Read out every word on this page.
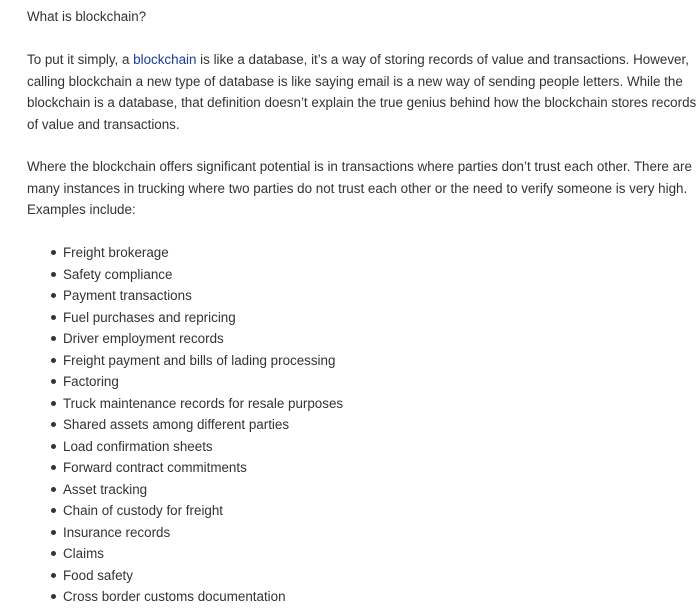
What is blockchain?

To put it simply, a blockchain is like a database, it’s a way of storing records of value and transactions. However, calling blockchain a new type of database is like saying email is a new way of sending people letters. While the blockchain is a database, that definition doesn’t explain the true genius behind how the blockchain stores records of value and transactions.

Where the blockchain offers significant potential is in transactions where parties don’t trust each other. There are many instances in trucking where two parties do not trust each other or the need to verify someone is very high. Examples include:

Freight brokerage
Safety compliance
Payment transactions
Fuel purchases and repricing
Driver employment records
Freight payment and bills of lading processing
Factoring
Truck maintenance records for resale purposes
Shared assets among different parties
Load confirmation sheets
Forward contract commitments
Asset tracking
Chain of custody for freight
Insurance records
Claims
Food safety
Cross border customs documentation
